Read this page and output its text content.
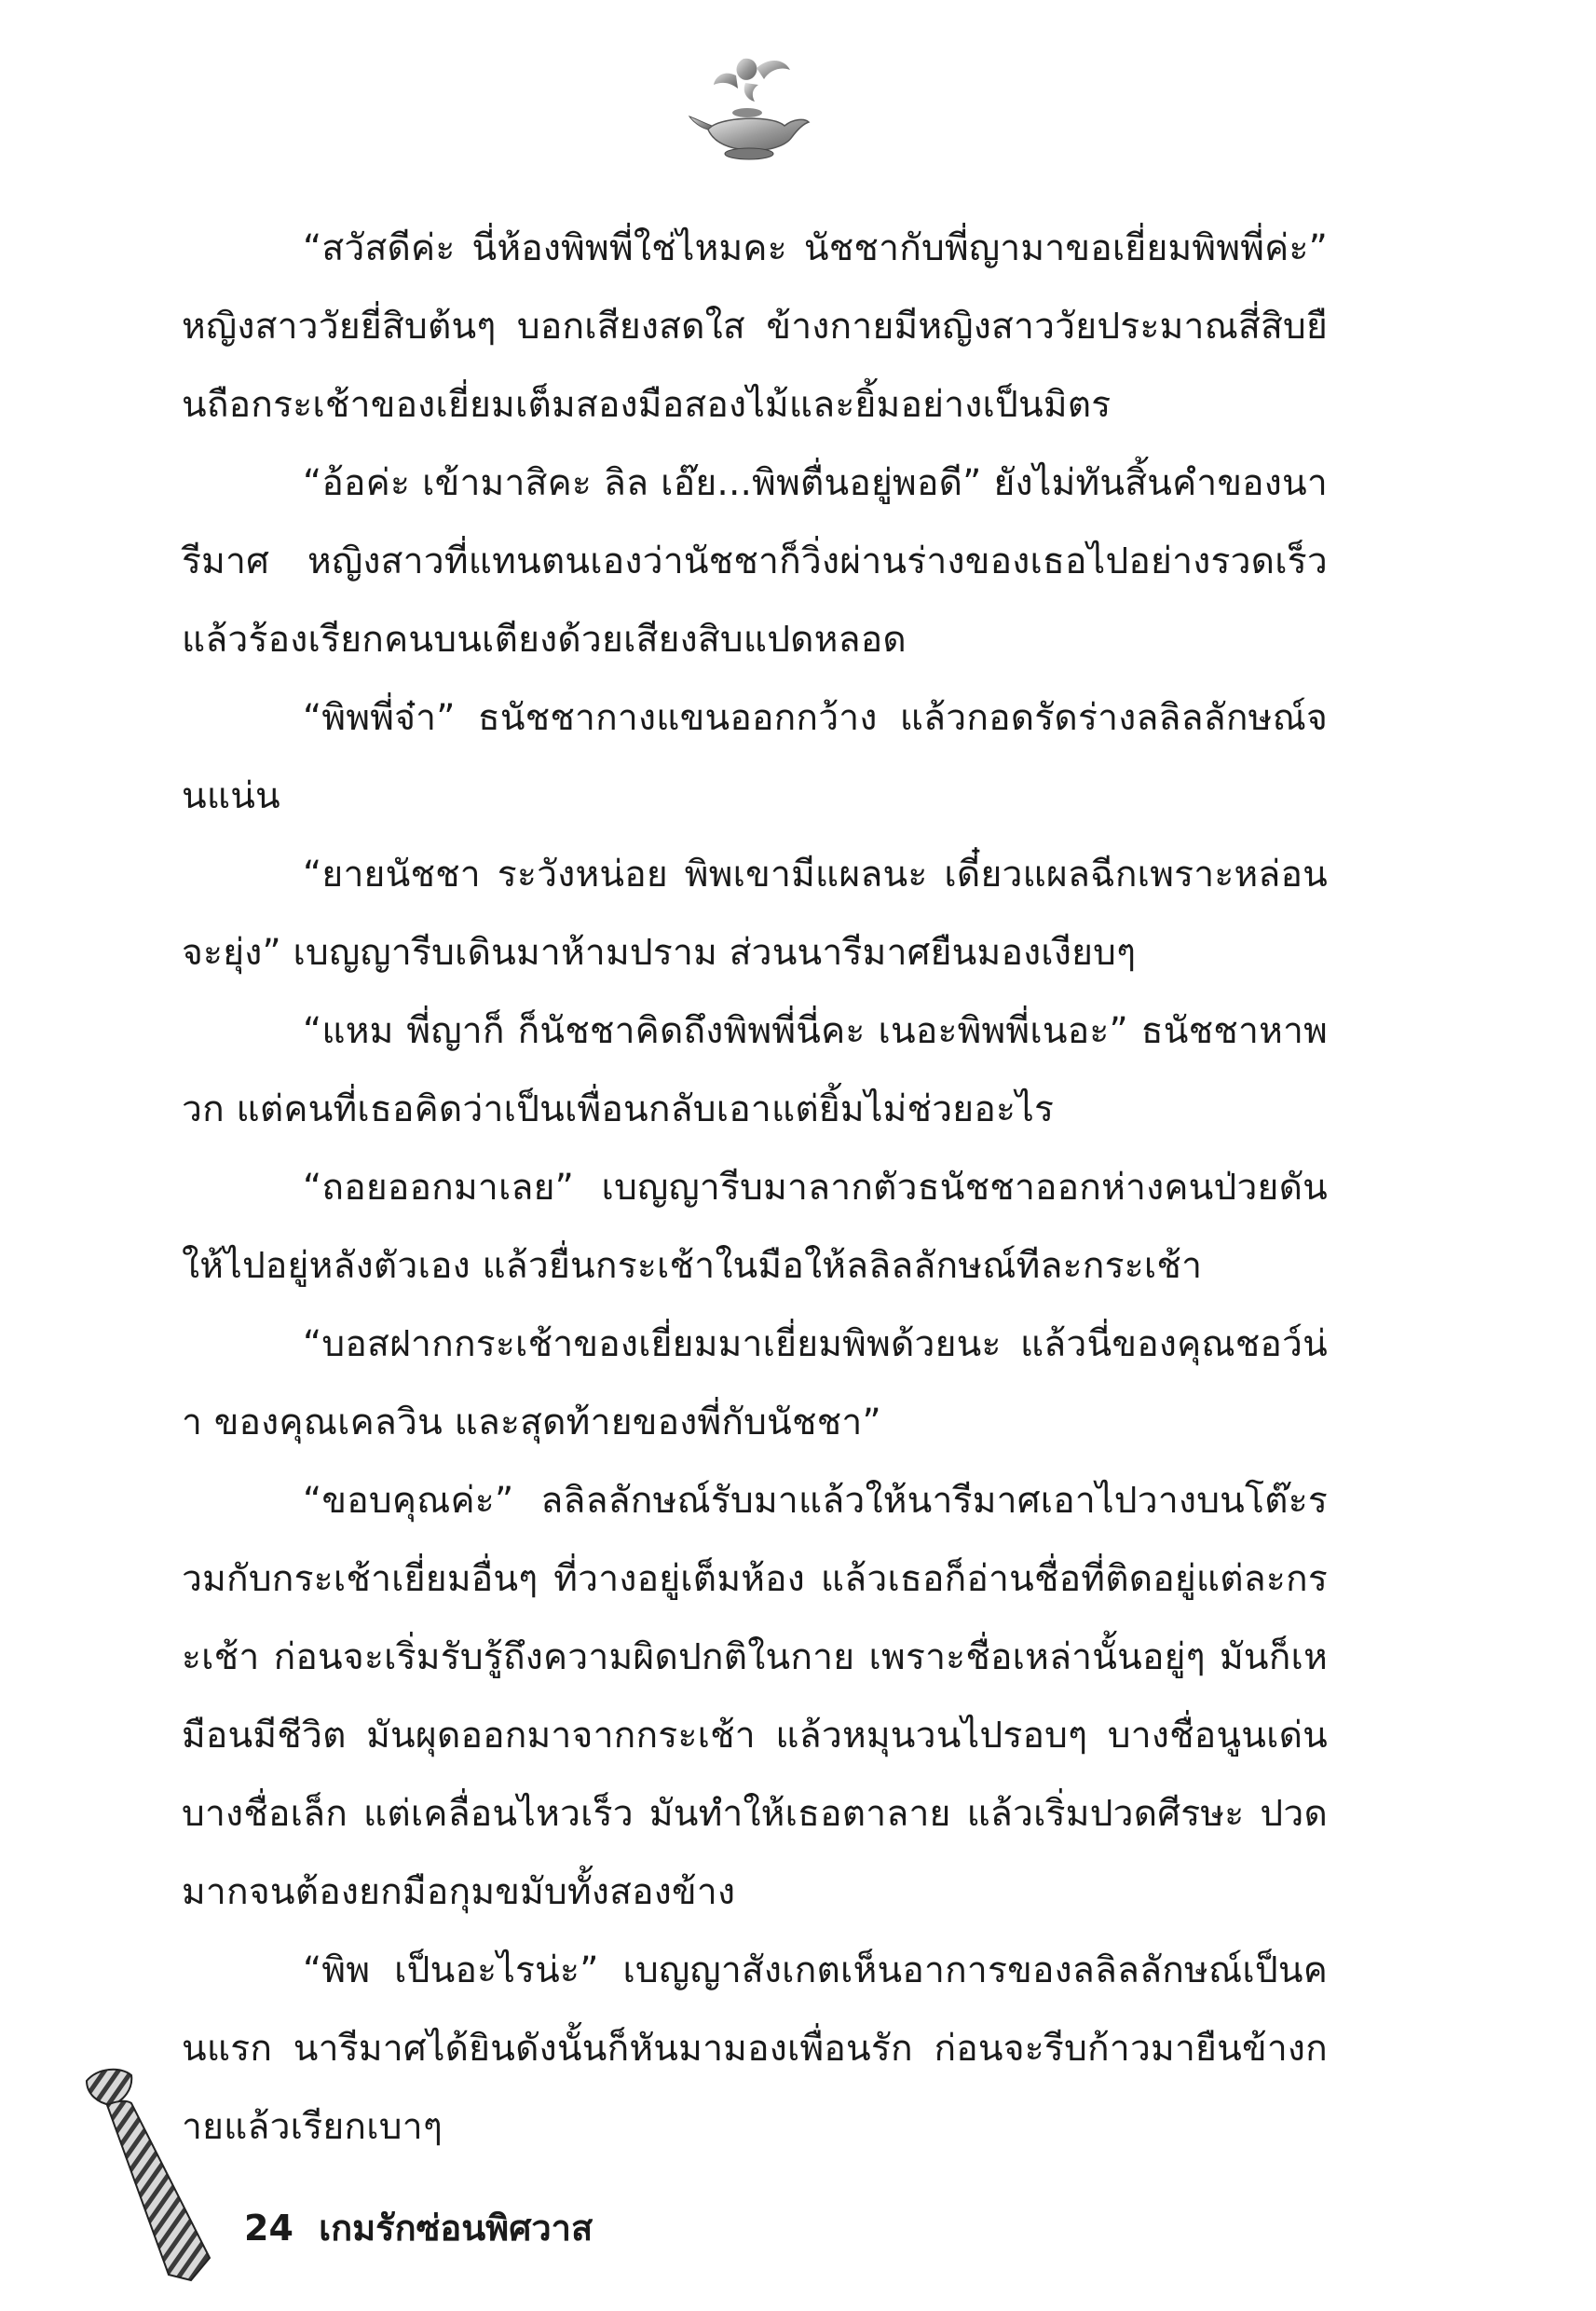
“สวัสดีค่ะ นี่ห้องพิพพี่ใช่ไหมคะ นัชชากับพี่ญามาขอเยี่ยมพิพพี่ค่ะ” หญิงสาววัยยี่สิบต้นๆ บอกเสียงสดใส ข้างกายมีหญิงสาววัยประมาณสี่สิบยืนถือกระเช้าของเยี่ยมเต็มสองมือสองไม้และยิ้มอย่างเป็นมิตร

“อ้อค่ะ เข้ามาสิคะ ลิล เอ๊ย...พิพตื่นอยู่พอดี” ยังไม่ทันสิ้นคำของนารีมาศ หญิงสาวที่แทนตนเองว่านัชชาก็วิ่งผ่านร่างของเธอไปอย่างรวดเร็ว แล้วร้องเรียกคนบนเตียงด้วยเสียงสิบแปดหลอด

“พิพพี่จ๋า” ธนัชชากางแขนออกกว้าง แล้วกอดรัดร่างลลิลลักษณ์จนแน่น

“ยายนัชชา ระวังหน่อย พิพเขามีแผลนะ เดี๋ยวแผลฉีกเพราะหล่อนจะยุ่ง” เบญญารีบเดินมาห้ามปราม ส่วนนารีมาศยืนมองเงียบๆ

“แหม พี่ญาก็ ก็นัชชาคิดถึงพิพพี่นี่คะ เนอะพิพพี่เนอะ” ธนัชชาหาพวก แต่คนที่เธอคิดว่าเป็นเพื่อนกลับเอาแต่ยิ้มไม่ช่วยอะไร

“ถอยออกมาเลย” เบญญารีบมาลากตัวธนัชชาออกห่างคนป่วยดันให้ไปอยู่หลังตัวเอง แล้วยื่นกระเช้าในมือให้ลลิลลักษณ์ทีละกระเช้า

“บอสฝากกระเช้าของเยี่ยมมาเยี่ยมพิพด้วยนะ แล้วนี่ของคุณชอว์น่า ของคุณเคลวิน และสุดท้ายของพี่กับนัชชา”

“ขอบคุณค่ะ” ลลิลลักษณ์รับมาแล้วให้นารีมาศเอาไปวางบนโต๊ะรวมกับกระเช้าเยี่ยมอื่นๆ ที่วางอยู่เต็มห้อง แล้วเธอก็อ่านชื่อที่ติดอยู่แต่ละกระเช้า ก่อนจะเริ่มรับรู้ถึงความผิดปกติในกาย เพราะชื่อเหล่านั้นอยู่ๆ มันก็เหมือนมีชีวิต มันผุดออกมาจากกระเช้า แล้วหมุนวนไปรอบๆ บางชื่อนูนเด่น บางชื่อเล็ก แต่เคลื่อนไหวเร็ว มันทำให้เธอตาลาย แล้วเริ่มปวดศีรษะ ปวดมากจนต้องยกมือกุมขมับทั้งสองข้าง

“พิพ เป็นอะไรน่ะ” เบญญาสังเกตเห็นอาการของลลิลลักษณ์เป็นคนแรก นารีมาศได้ยินดังนั้นก็หันมามองเพื่อนรัก ก่อนจะรีบก้าวมายืนข้างกายแล้วเรียกเบาๆ

24 เกมรักซ่อนพิศวาส
